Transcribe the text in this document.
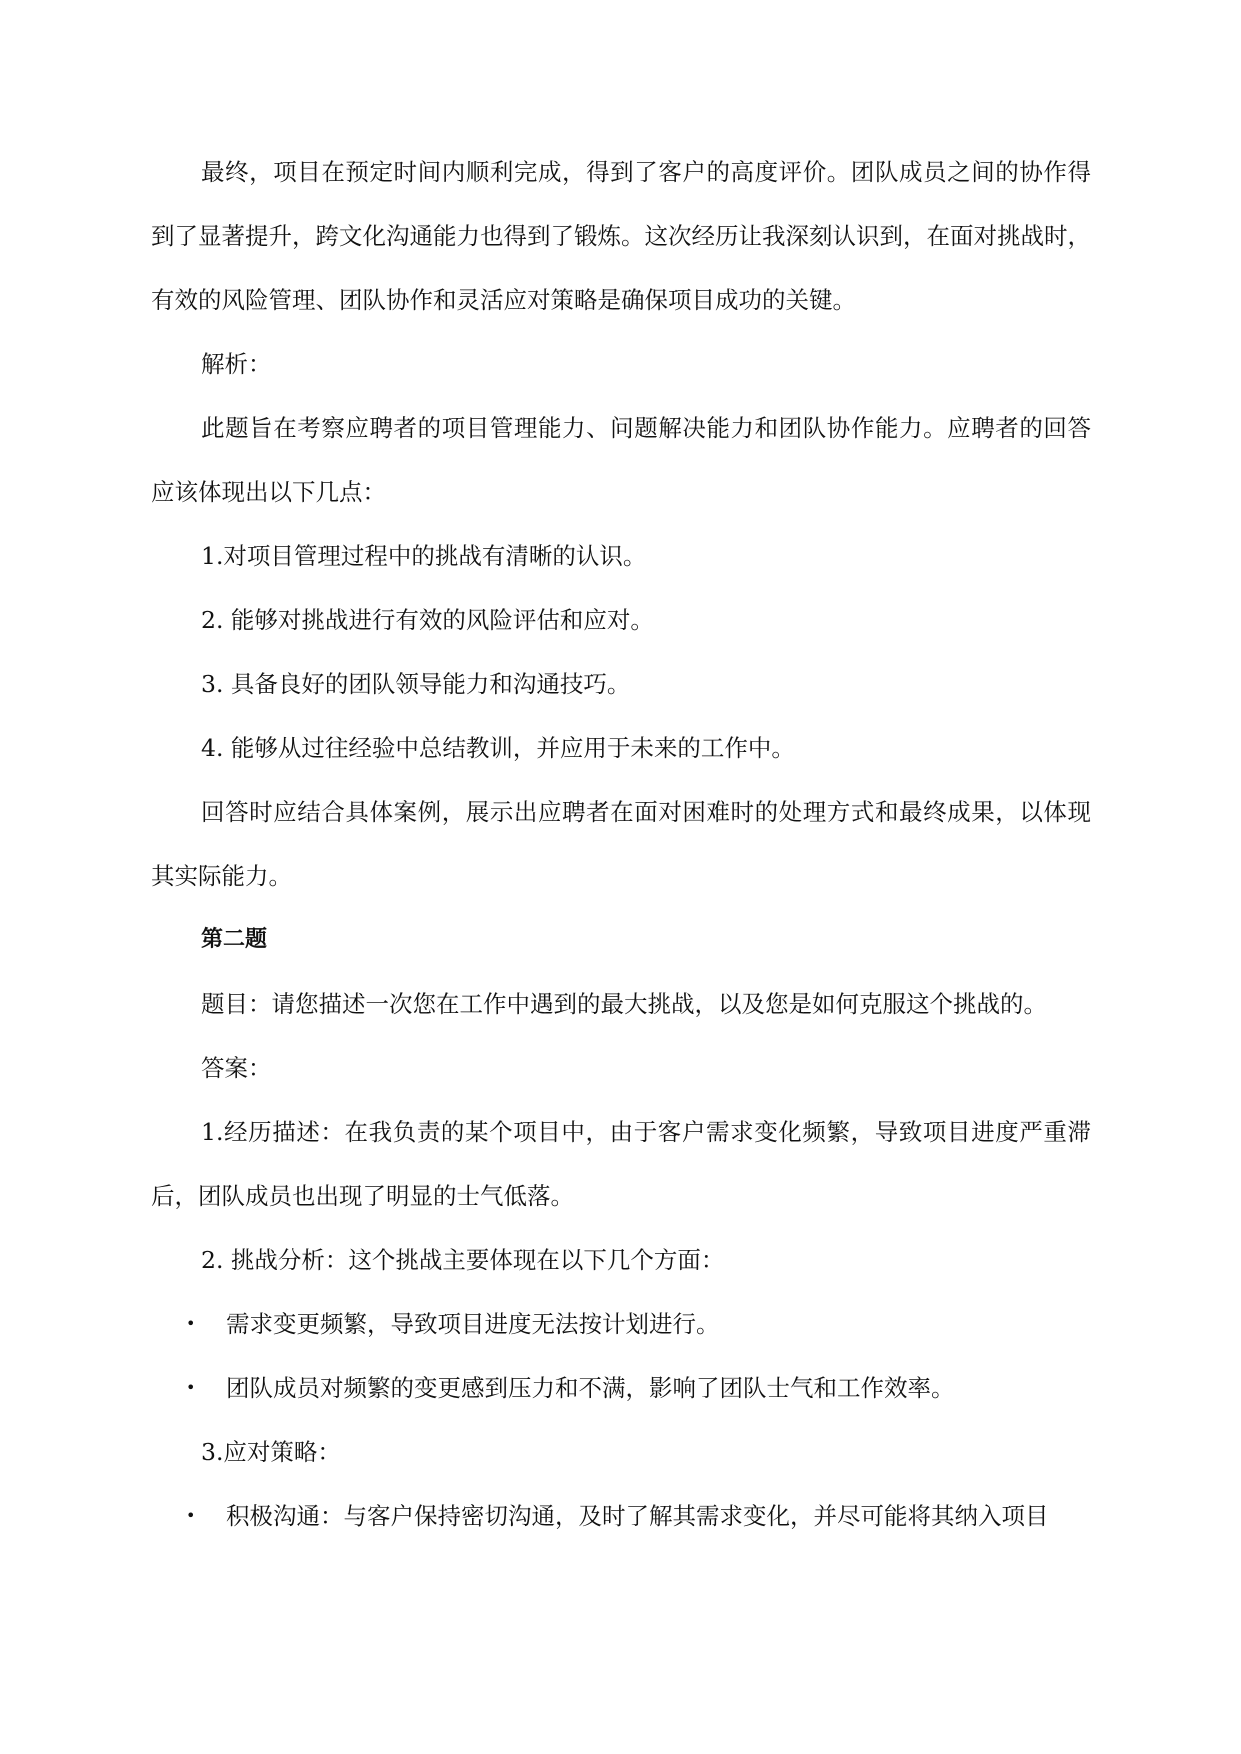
最终，项目在预定时间内顺利完成，得到了客户的高度评价。团队成员之间的协作得到了显著提升，跨文化沟通能力也得到了锻炼。这次经历让我深刻认识到，在面对挑战时，有效的风险管理、团队协作和灵活应对策略是确保项目成功的关键。

解析：

此题旨在考察应聘者的项目管理能力、问题解决能力和团队协作能力。应聘者的回答应该体现出以下几点：

1.对项目管理过程中的挑战有清晰的认识。

2. 能够对挑战进行有效的风险评估和应对。

3. 具备良好的团队领导能力和沟通技巧。

4. 能够从过往经验中总结教训，并应用于未来的工作中。

回答时应结合具体案例，展示出应聘者在面对困难时的处理方式和最终成果，以体现其实际能力。

第二题

题目：请您描述一次您在工作中遇到的最大挑战，以及您是如何克服这个挑战的。

答案：

1.经历描述：在我负责的某个项目中，由于客户需求变化频繁，导致项目进度严重滞后，团队成员也出现了明显的士气低落。

2. 挑战分析：这个挑战主要体现在以下几个方面：

• 需求变更频繁，导致项目进度无法按计划进行。
• 团队成员对频繁的变更感到压力和不满，影响了团队士气和工作效率。

3.应对策略：

• 积极沟通：与客户保持密切沟通，及时了解其需求变化，并尽可能将其纳入项目
